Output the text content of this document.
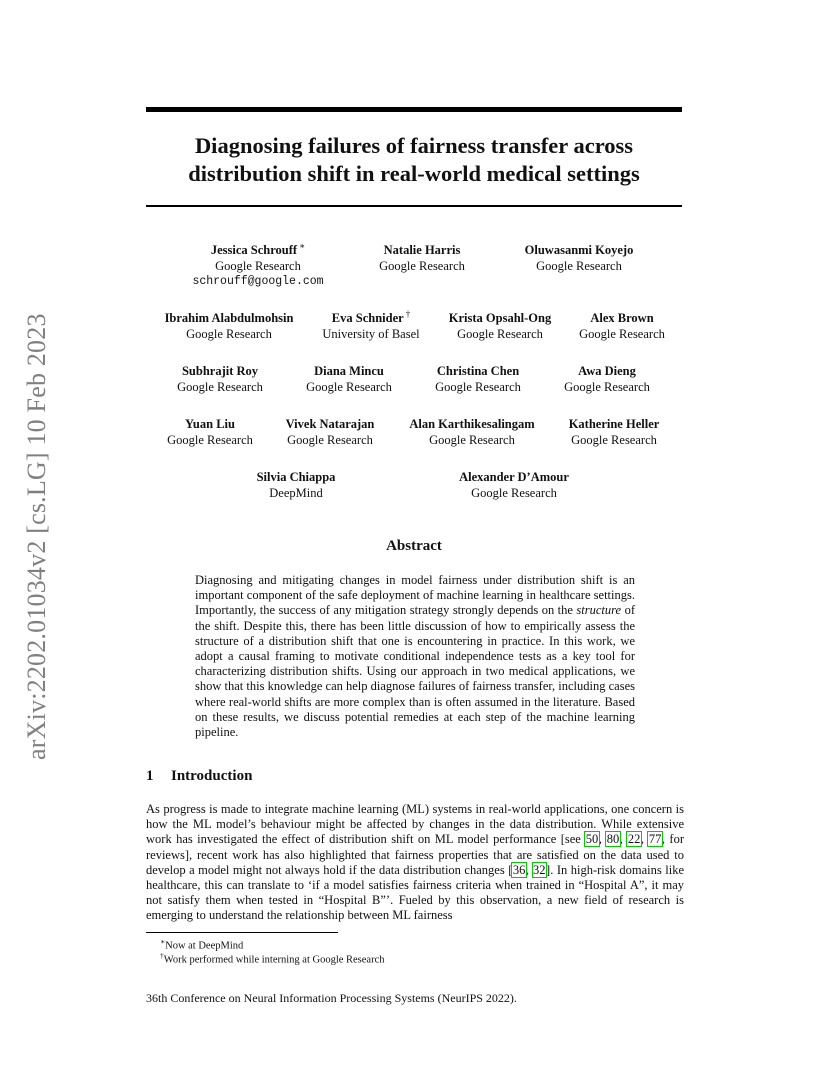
arXiv:2202.01034v2 [cs.LG] 10 Feb 2023
Diagnosing failures of fairness transfer across
distribution shift in real-world medical settings
Jessica Schrouff ∗
Google Research
schrouff@google.com
Natalie Harris
Google Research
Oluwasanmi Koyejo
Google Research
Ibrahim Alabdulmohsin
Google Research
Eva Schnider †
University of Basel
Krista Opsahl-Ong
Google Research
Alex Brown
Google Research
Subhrajit Roy
Google Research
Diana Mincu
Google Research
Christina Chen
Google Research
Awa Dieng
Google Research
Yuan Liu
Google Research
Vivek Natarajan
Google Research
Alan Karthikesalingam
Google Research
Katherine Heller
Google Research
Silvia Chiappa
DeepMind
Alexander D’Amour
Google Research
Abstract
Diagnosing and mitigating changes in model fairness under distribution shift is an important component of the safe deployment of machine learning in healthcare settings. Importantly, the success of any mitigation strategy strongly depends on the structure of the shift. Despite this, there has been little discussion of how to empirically assess the structure of a distribution shift that one is encountering in practice. In this work, we adopt a causal framing to motivate conditional independence tests as a key tool for characterizing distribution shifts. Using our approach in two medical applications, we show that this knowledge can help diagnose failures of fairness transfer, including cases where real-world shifts are more complex than is often assumed in the literature. Based on these results, we discuss potential remedies at each step of the machine learning pipeline.
1 Introduction
As progress is made to integrate machine learning (ML) systems in real-world applications, one concern is how the ML model’s behaviour might be affected by changes in the data distribution. While extensive work has investigated the effect of distribution shift on ML model performance [see 50, 80, 22, 77, for reviews], recent work has also highlighted that fairness properties that are satisfied on the data used to develop a model might not always hold if the data distribution changes [36, 32]. In high-risk domains like healthcare, this can translate to ‘if a model satisfies fairness criteria when trained in “Hospital A”, it may not satisfy them when tested in “Hospital B”’. Fueled by this observation, a new field of research is emerging to understand the relationship between ML fairness
∗Now at DeepMind
†Work performed while interning at Google Research
36th Conference on Neural Information Processing Systems (NeurIPS 2022).
